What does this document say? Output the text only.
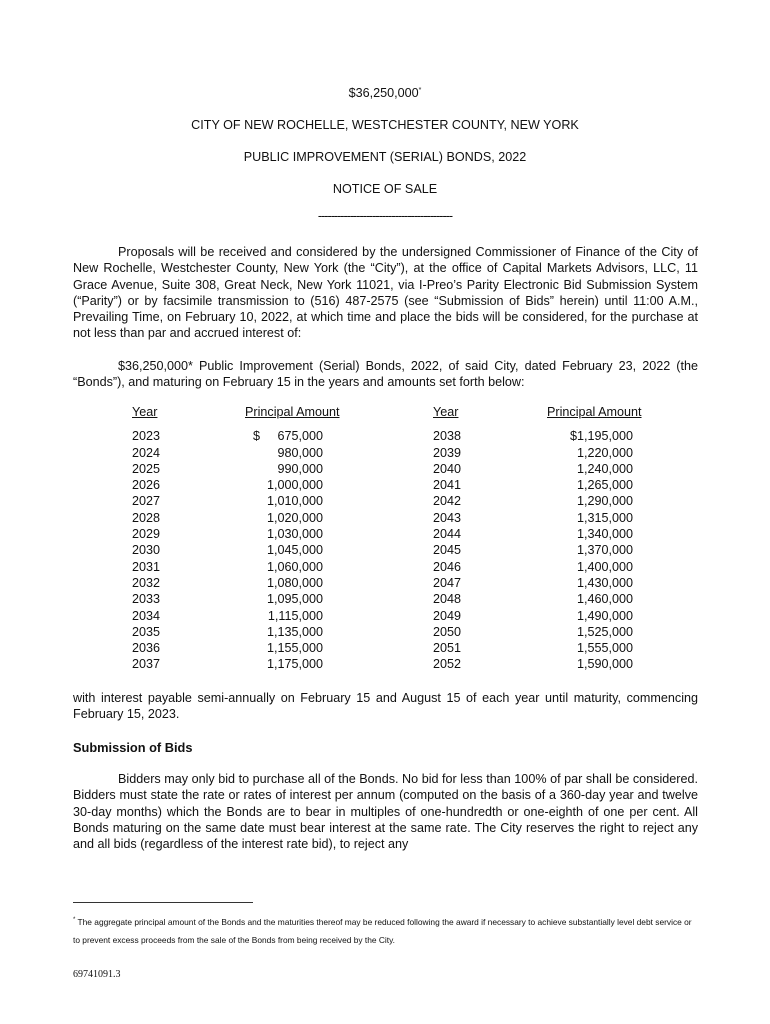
$36,250,000*
CITY OF NEW ROCHELLE, WESTCHESTER COUNTY, NEW YORK
PUBLIC IMPROVEMENT (SERIAL) BONDS, 2022
NOTICE OF SALE
------------------------------------------
Proposals will be received and considered by the undersigned Commissioner of Finance of the City of New Rochelle, Westchester County, New York (the “City”), at the office of Capital Markets Advisors, LLC, 11 Grace Avenue, Suite 308, Great Neck, New York 11021, via I-Preo’s Parity Electronic Bid Submission System (“Parity”) or by facsimile transmission to (516) 487-2575 (see “Submission of Bids” herein) until 11:00 A.M., Prevailing Time, on February 10, 2022, at which time and place the bids will be considered, for the purchase at not less than par and accrued interest of:
$36,250,000* Public Improvement (Serial) Bonds, 2022, of said City, dated February 23, 2022 (the “Bonds”), and maturing on February 15 in the years and amounts set forth below:
Year
2023
2024
2025
2026
2027
2028
2029
2030
2031
2032
2033
2034
2035
2036
2037
Principal Amount
$ 675,000
980,000
990,000
1,000,000
1,010,000
1,020,000
1,030,000
1,045,000
1,060,000
1,080,000
1,095,000
1,115,000
1,135,000
1,155,000
1,175,000
Year
2038
2039
2040
2041
2042
2043
2044
2045
2046
2047
2048
2049
2050
2051
2052
Principal Amount
$1,195,000
1,220,000
1,240,000
1,265,000
1,290,000
1,315,000
1,340,000
1,370,000
1,400,000
1,430,000
1,460,000
1,490,000
1,525,000
1,555,000
1,590,000
with interest payable semi-annually on February 15 and August 15 of each year until maturity, commencing February 15, 2023.
Submission of Bids
Bidders may only bid to purchase all of the Bonds. No bid for less than 100% of par shall be considered. Bidders must state the rate or rates of interest per annum (computed on the basis of a 360-day year and twelve 30-day months) which the Bonds are to bear in multiples of one-hundredth or one-eighth of one per cent. All Bonds maturing on the same date must bear interest at the same rate. The City reserves the right to reject any and all bids (regardless of the interest rate bid), to reject any
* The aggregate principal amount of the Bonds and the maturities thereof may be reduced following the award if necessary to achieve substantially level debt service or to prevent excess proceeds from the sale of the Bonds from being received by the City.
69741091.3
